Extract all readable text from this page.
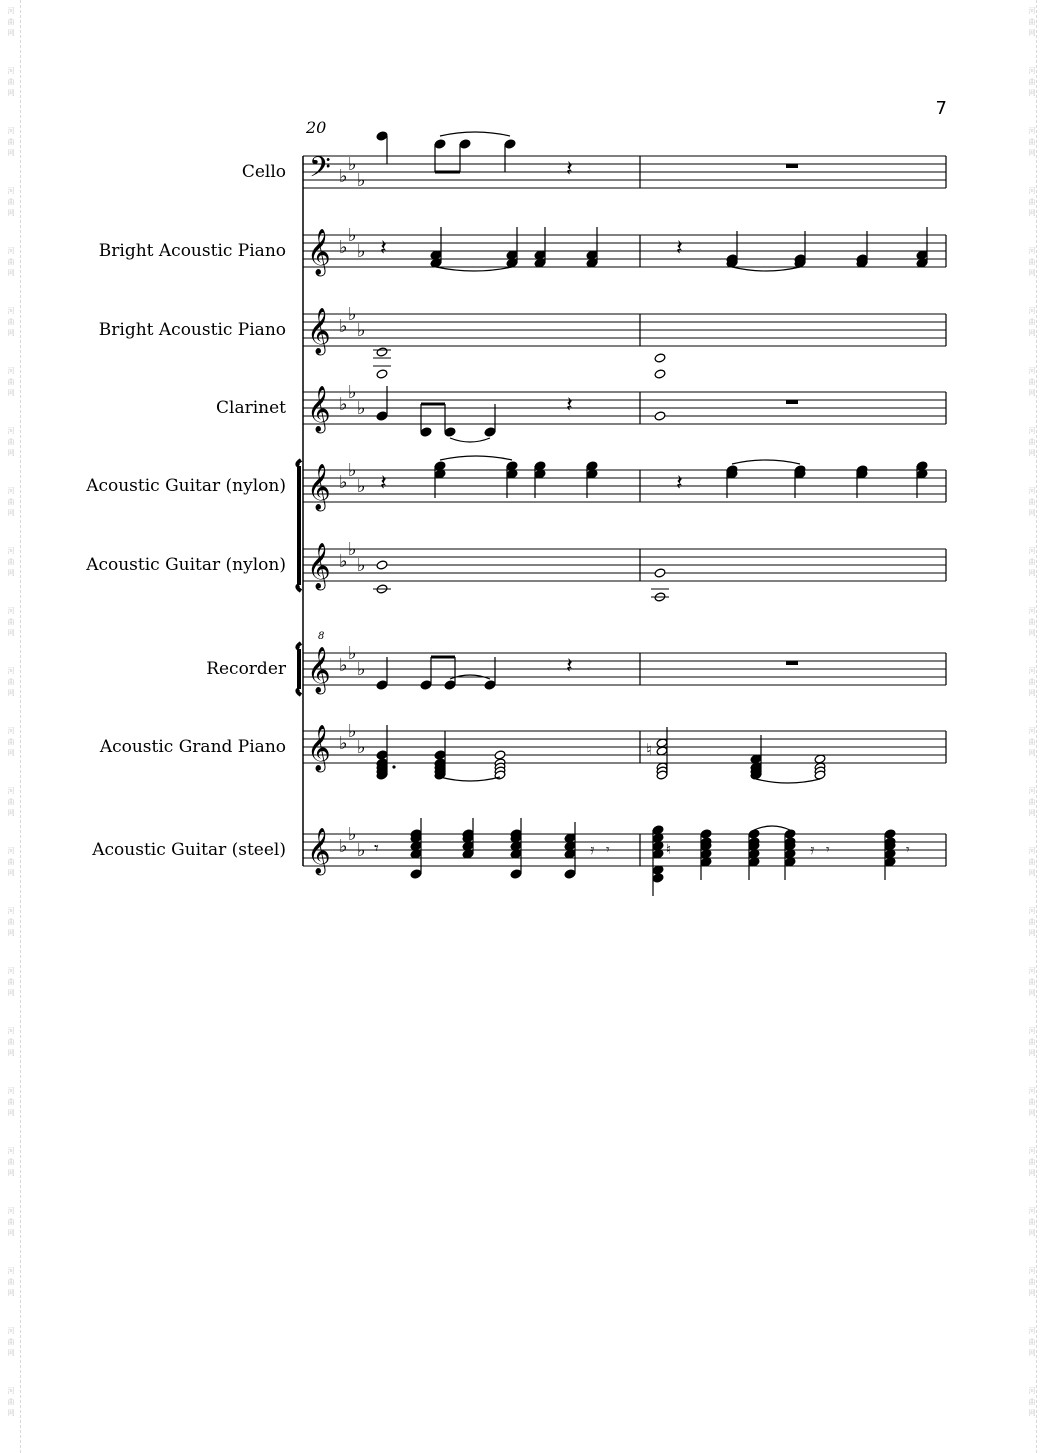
河
曲
网
河
曲
网
河
曲
网
河
曲
网
河
曲
网
河
曲
网
河
曲
网
河
曲
网
河
曲
网
河
曲
网
河
曲
网
河
曲
网
河
曲
网
河
曲
网
河
曲
网
河
曲
网
河
曲
网
河
曲
网
河
曲
网
河
曲
网
河
曲
网
河
曲
网
河
曲
网
河
曲
网
河
曲
网
河
曲
网
河
曲
网
河
曲
网
河
曲
网
河
曲
网
河
曲
网
河
曲
网
河
曲
网
河
曲
网
河
曲
网
河
曲
网
河
曲
网
河
曲
网
河
曲
网
河
曲
网
河
曲
网
河
曲
网
河
曲
网
河
曲
网
河
曲
网
河
曲
网
河
曲
网
河
曲
网
7
20
Cello
Bright Acoustic Piano
Bright Acoustic Piano
Clarinet
Acoustic Guitar (nylon)
Acoustic Guitar (nylon)
Recorder
Acoustic Grand Piano
Acoustic Guitar (steel)
𝄢 ♭
♭
♭
𝄞 ♭
♭
♭
𝄞 ♭
♭
♭
𝄞 ♭
♭
♭
𝄞 ♭
♭
♭
𝄞 ♭
♭
♭
𝄞
8
♭
♭
♭
𝄞 ♭
♭
♭
𝄞 ♭
♭
♭
𝄽
𝄽	𝄽
𝄽
𝄽	𝄽
𝄽
♮
𝄾	𝄿 𝄾	♮	𝄿 𝄾	𝄾
